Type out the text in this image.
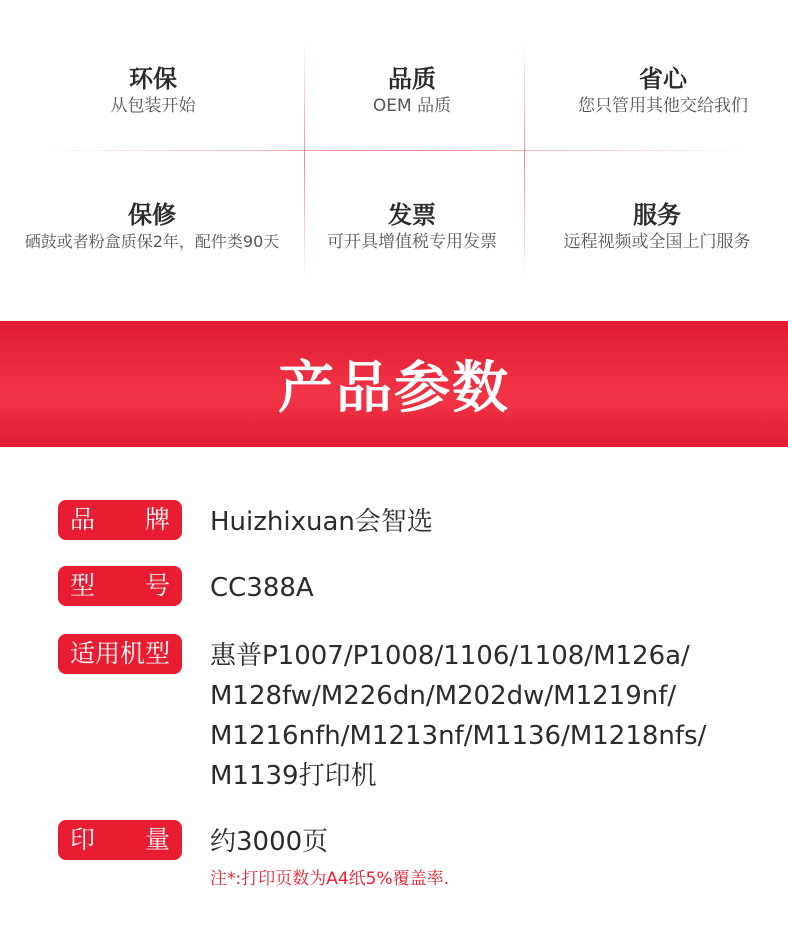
环保
从包装开始
品质
OEM 品质
省心
您只管用其他交给我们
保修
硒鼓或者粉盒质保2年，配件类90天
发票
可开具增值税专用发票
服务
远程视频或全国上门服务
产品参数
品 牌 Huizhixuan会智选
型 号 CC388A
适用机型 惠普P1007/P1008/1106/1108/M126a/
M128fw/M226dn/M202dw/M1219nf/
M1216nfh/M1213nf/M1136/M1218nfs/
M1139打印机
印 量 约3000页
注*:打印页数为A4纸5%覆盖率.
